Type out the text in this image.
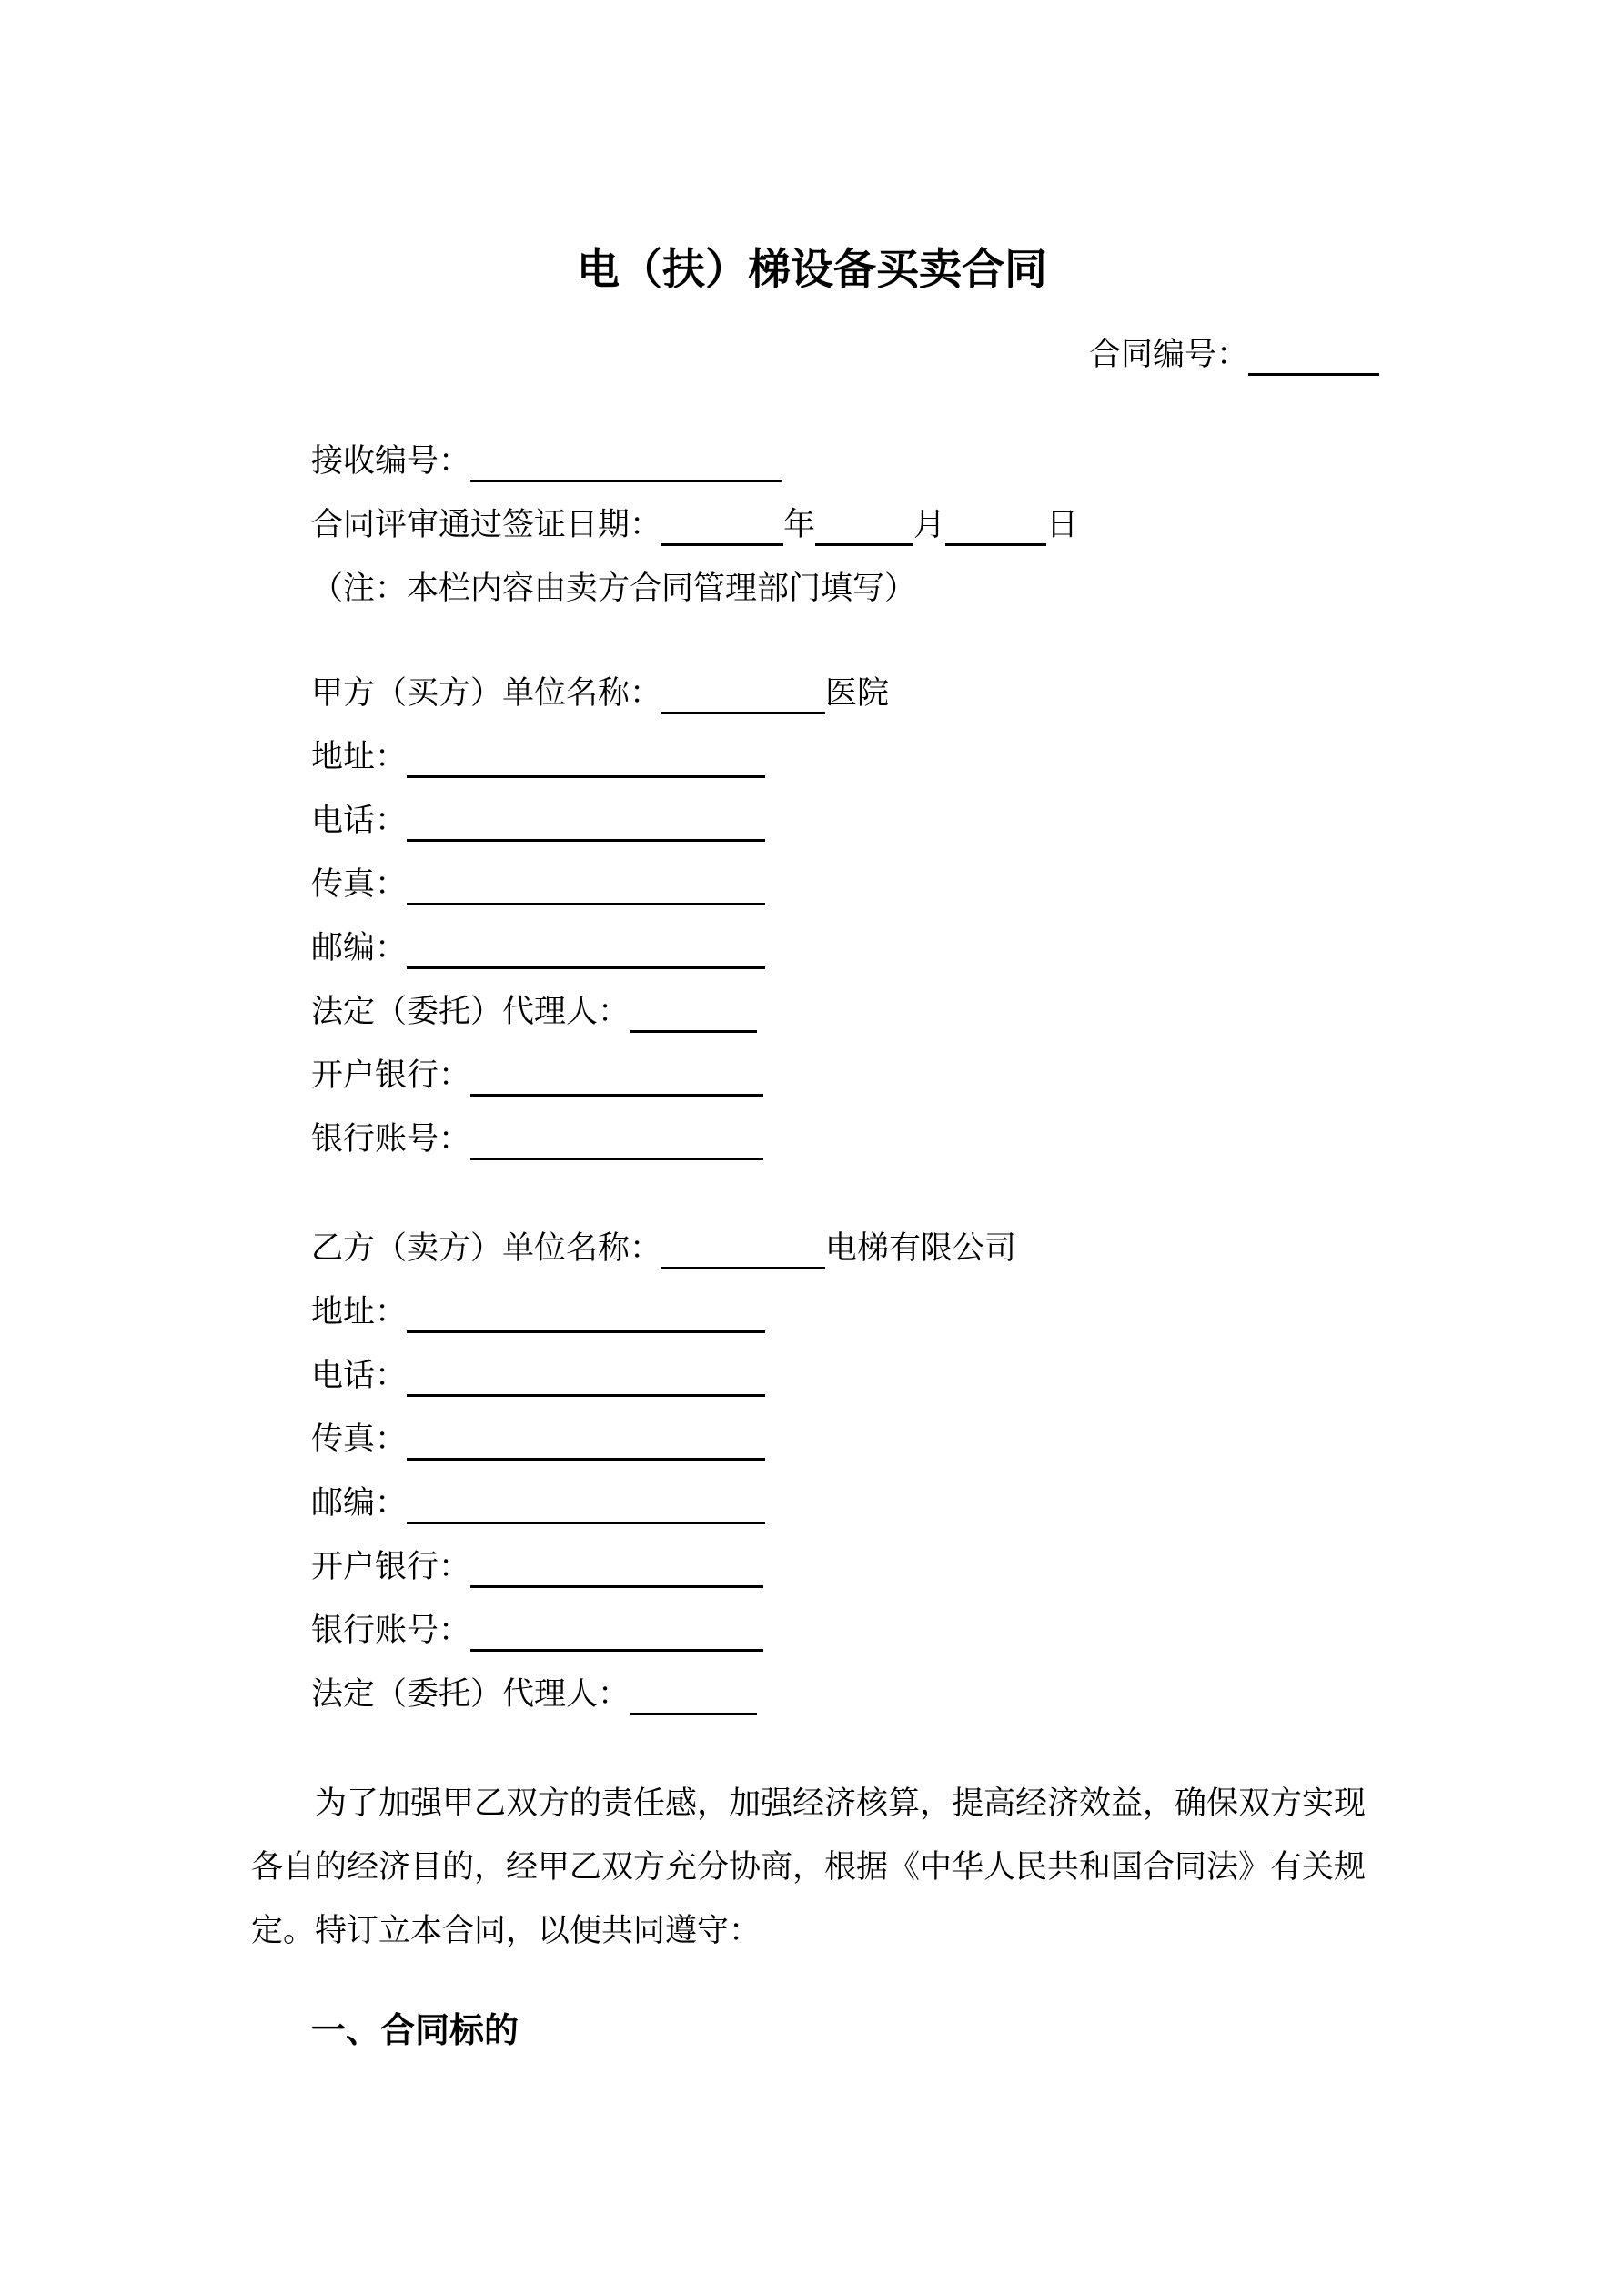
电（扶）梯设备买卖合同
合同编号：
接收编号：
合同评审通过签证日期：	年	月	日
（注：本栏内容由卖方合同管理部门填写）
甲方（买方）单位名称：	医院
地址：
电话：
传真：
邮编：
法定（委托）代理人：
开户银行：
银行账号：
乙方（卖方）单位名称：	电梯有限公司
地址：
电话：
传真：
邮编：
开户银行：
银行账号：
法定（委托）代理人：
为了加强甲乙双方的责任感，加强经济核算，提高经济效益，确保双方实现
各自的经济目的，经甲乙双方充分协商，根据《中华人民共和国合同法》有关规
定。特订立本合同，以便共同遵守：
一、合同标的
